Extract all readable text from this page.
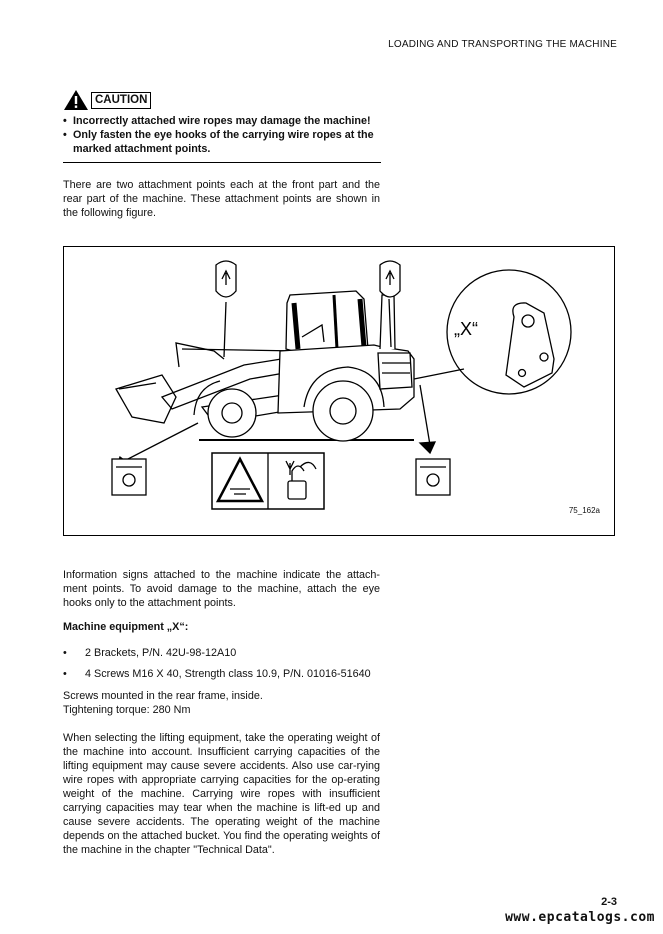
LOADING AND TRANSPORTING THE MACHINE
CAUTION
• Incorrectly attached wire ropes may damage the machine!
• Only fasten the eye hooks of the carrying wire ropes at the marked attachment points.
There are two attachment points each at the front part and the rear part of the machine. These attachment points are shown in the following figure.
„X“
75_162a
Information signs attached to the machine indicate the attach-ment points. To avoid damage to the machine, attach the eye hooks only to the attachment points.
Machine equipment „X“:
• 2 Brackets, P/N. 42U-98-12A10
• 4 Screws M16 X 40, Strength class 10.9, P/N. 01016-51640
Screws mounted in the rear frame, inside.
Tightening torque: 280 Nm
When selecting the lifting equipment, take the operating weight of the machine into account. Insufficient carrying capacities of the lifting equipment may cause severe accidents. Also use car-rying wire ropes with appropriate carrying capacities for the op-erating weight of the machine. Carrying wire ropes with insufficient carrying capacities may tear when the machine is lift-ed up and cause severe accidents. The operating weight of the machine depends on the attached bucket. You find the operating weights of the machine in the chapter "Technical Data".
2-3
www.epcatalogs.com
